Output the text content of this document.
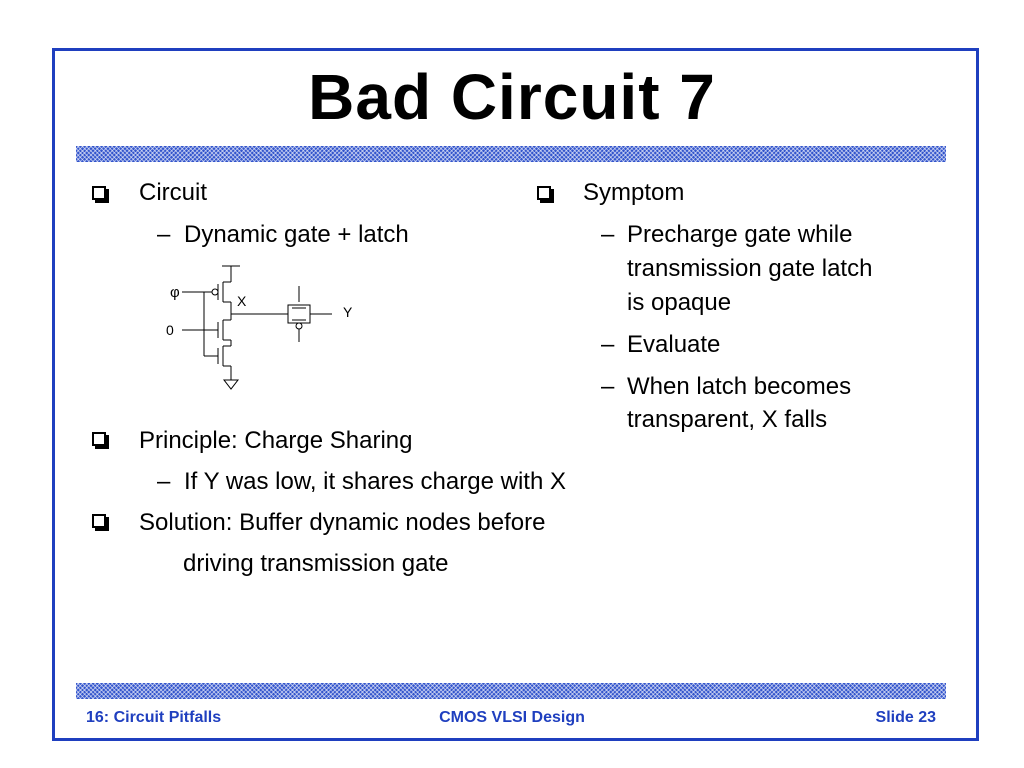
Bad Circuit 7
Circuit
– Dynamic gate + latch
φ
0
X
Y
Principle: Charge Sharing
– If Y was low, it shares charge with X
Solution: Buffer dynamic nodes before
driving transmission gate
Symptom
– Precharge gate while
transmission gate latch
is opaque
– Evaluate
– When latch becomes
transparent, X falls
16: Circuit Pitfalls	CMOS VLSI Design	Slide 23
